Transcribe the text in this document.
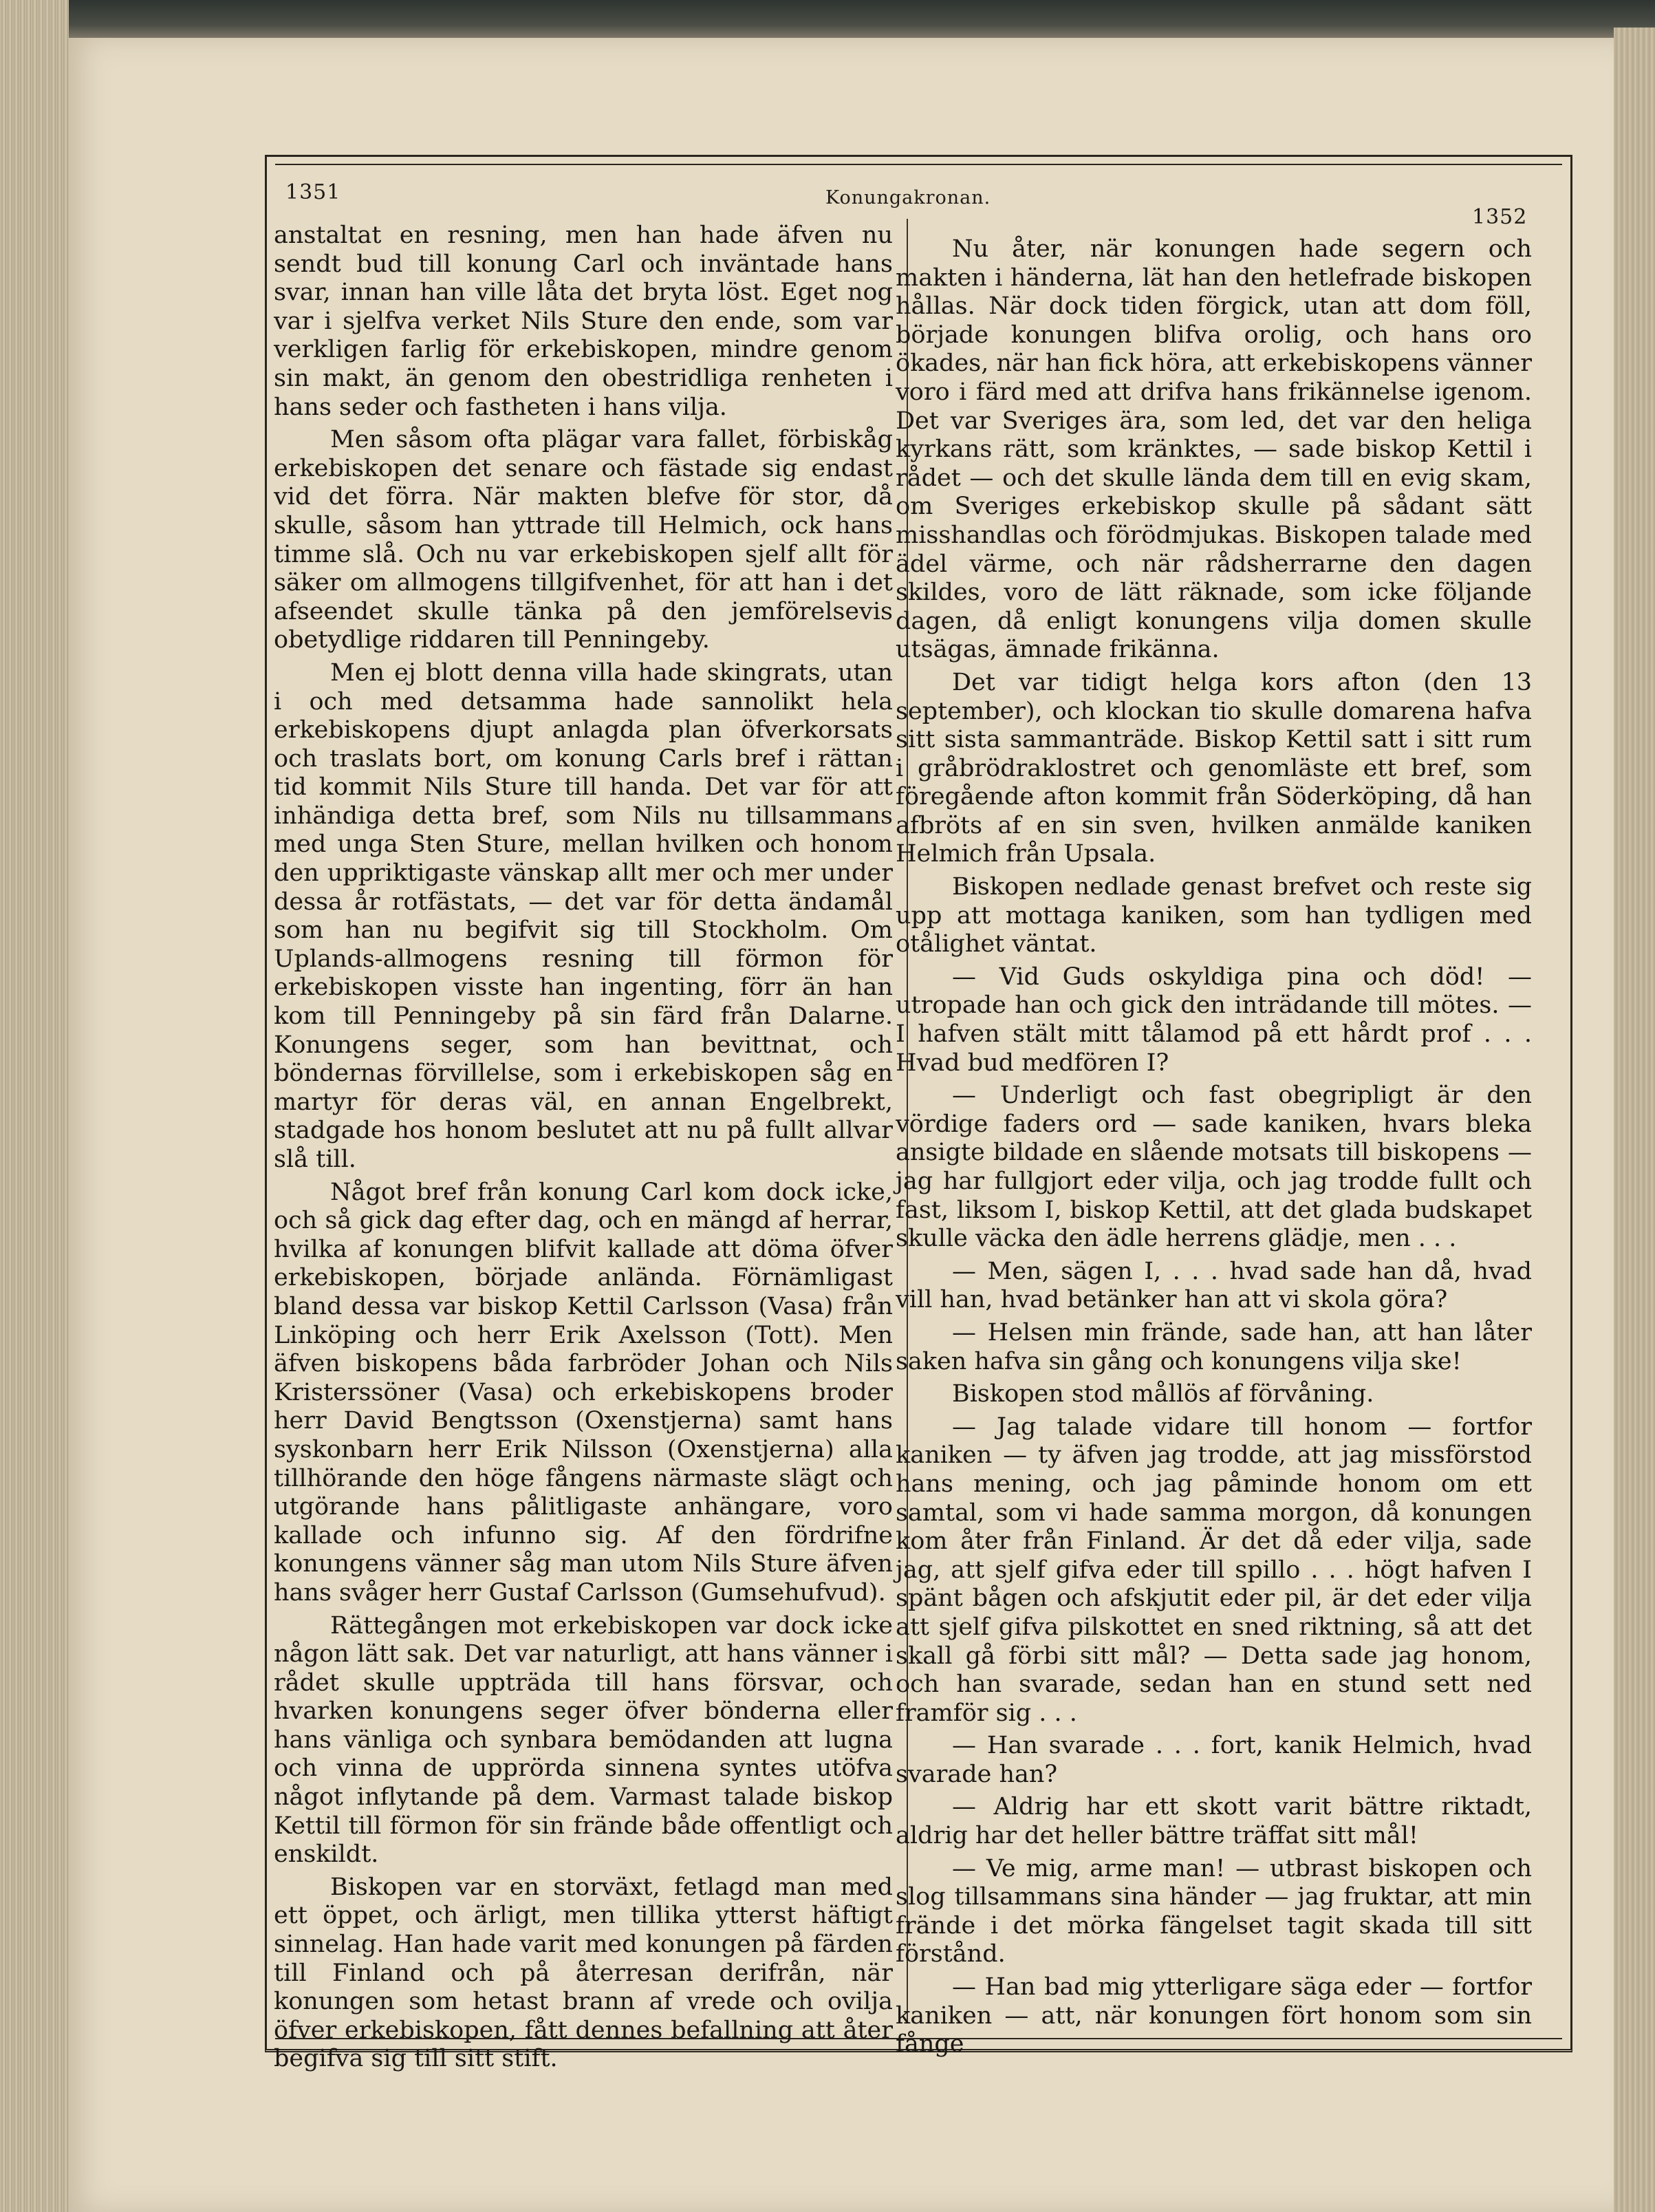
1351	Konungakronan.
1352

anstaltat en resning, men han hade äfven nu sendt bud till konung Carl och inväntade hans svar, innan han ville låta det bryta löst. Eget nog var i sjelfva verket Nils Sture den ende, som var verkligen farlig för erkebiskopen, mindre genom sin makt, än genom den obestridliga renheten i hans seder och fastheten i hans vilja.

Men såsom ofta plägar vara fallet, förbiskåg erkebiskopen det senare och fästade sig endast vid det förra. När makten blefve för stor, då skulle, såsom han yttrade till Helmich, ock hans timme slå. Och nu var erkebiskopen sjelf allt för säker om allmogens tillgifvenhet, för att han i det afseendet skulle tänka på den jemförelsevis obetydlige riddaren till Penningeby.

Men ej blott denna villa hade skingrats, utan i och med detsamma hade sannolikt hela erkebiskopens djupt anlagda plan öfverkorsats och traslats bort, om konung Carls bref i rättan tid kommit Nils Sture till handa. Det var för att inhändiga detta bref, som Nils nu tillsammans med unga Sten Sture, mellan hvilken och honom den uppriktigaste vänskap allt mer och mer under dessa år rotfästats, — det var för detta ändamål som han nu begifvit sig till Stockholm. Om Uplands-allmogens resning till förmon för erkebiskopen visste han ingenting, förr än han kom till Penningeby på sin färd från Dalarne. Konungens seger, som han bevittnat, och böndernas förvillelse, som i erkebiskopen såg en martyr för deras väl, en annan Engelbrekt, stadgade hos honom beslutet att nu på fullt allvar slå till.

Något bref från konung Carl kom dock icke, och så gick dag efter dag, och en mängd af herrar, hvilka af konungen blifvit kallade att döma öfver erkebiskopen, började anlända. Förnämligast bland dessa var biskop Kettil Carlsson (Vasa) från Linköping och herr Erik Axelsson (Tott). Men äfven biskopens båda farbröder Johan och Nils Kristerssöner (Vasa) och erkebiskopens broder herr David Bengtsson (Oxenstjerna) samt hans syskonbarn herr Erik Nilsson (Oxenstjerna) alla tillhörande den höge fångens närmaste slägt och utgörande hans pålitligaste anhängare, voro kallade och infunno sig. Af den fördrifne konungens vänner såg man utom Nils Sture äfven hans svåger herr Gustaf Carlsson (Gumsehufvud).

Rättegången mot erkebiskopen var dock icke någon lätt sak. Det var naturligt, att hans vänner i rådet skulle uppträda till hans försvar, och hvarken konungens seger öfver bönderna eller hans vänliga och synbara bemödanden att lugna och vinna de upprörda sinnena syntes utöfva något inflytande på dem. Varmast talade biskop Kettil till förmon för sin frände både offentligt och enskildt.

Biskopen var en storväxt, fetlagd man med ett öppet, och ärligt, men tillika ytterst häftigt sinnelag. Han hade varit med konungen på färden till Finland och på återresan derifrån, när konungen som hetast brann af vrede och ovilja öfver erkebiskopen, fått dennes befallning att åter begifva sig till sitt stift.

Nu åter, när konungen hade segern och makten i händerna, lät han den hetlefrade biskopen hållas. När dock tiden förgick, utan att dom föll, började konungen blifva orolig, och hans oro ökades, när han fick höra, att erkebiskopens vänner voro i färd med att drifva hans frikännelse igenom. Det var Sveriges ära, som led, det var den heliga kyrkans rätt, som kränktes, — sade biskop Kettil i rådet — och det skulle lända dem till en evig skam, om Sveriges erkebiskop skulle på sådant sätt misshandlas och förödmjukas. Biskopen talade med ädel värme, och när rådsherrarne den dagen skildes, voro de lätt räknade, som icke följande dagen, då enligt konungens vilja domen skulle utsägas, ämnade frikänna.

Det var tidigt helga kors afton (den 13 september), och klockan tio skulle domarena hafva sitt sista sammanträde. Biskop Kettil satt i sitt rum i gråbrödraklostret och genomläste ett bref, som föregående afton kommit från Söderköping, då han afbröts af en sin sven, hvilken anmälde kaniken Helmich från Upsala.

Biskopen nedlade genast brefvet och reste sig upp att mottaga kaniken, som han tydligen med otålighet väntat.

— Vid Guds oskyldiga pina och död! — utropade han och gick den inträdande till mötes. — I hafven stält mitt tålamod på ett hårdt prof . . . Hvad bud medfören I?

— Underligt och fast obegripligt är den vördige faders ord — sade kaniken, hvars bleka ansigte bildade en slående motsats till biskopens — jag har fullgjort eder vilja, och jag trodde fullt och fast, liksom I, biskop Kettil, att det glada budskapet skulle väcka den ädle herrens glädje, men . . .

— Men, sägen I, . . . hvad sade han då, hvad vill han, hvad betänker han att vi skola göra?

— Helsen min frände, sade han, att han låter saken hafva sin gång och konungens vilja ske!

Biskopen stod mållös af förvåning.

— Jag talade vidare till honom — fortfor kaniken — ty äfven jag trodde, att jag missförstod hans mening, och jag påminde honom om ett samtal, som vi hade samma morgon, då konungen kom åter från Finland. Är det då eder vilja, sade jag, att sjelf gifva eder till spillo . . . högt hafven I spänt bågen och afskjutit eder pil, är det eder vilja att sjelf gifva pilskottet en sned riktning, så att det skall gå förbi sitt mål? — Detta sade jag honom, och han svarade, sedan han en stund sett ned framför sig . . .

— Han svarade . . . fort, kanik Helmich, hvad svarade han?

— Aldrig har ett skott varit bättre riktadt, aldrig har det heller bättre träffat sitt mål!

— Ve mig, arme man! — utbrast biskopen och slog tillsammans sina händer — jag fruktar, att min frände i det mörka fängelset tagit skada till sitt förstånd.

— Han bad mig ytterligare säga eder — fortfor kaniken — att, när konungen fört honom som sin fånge
